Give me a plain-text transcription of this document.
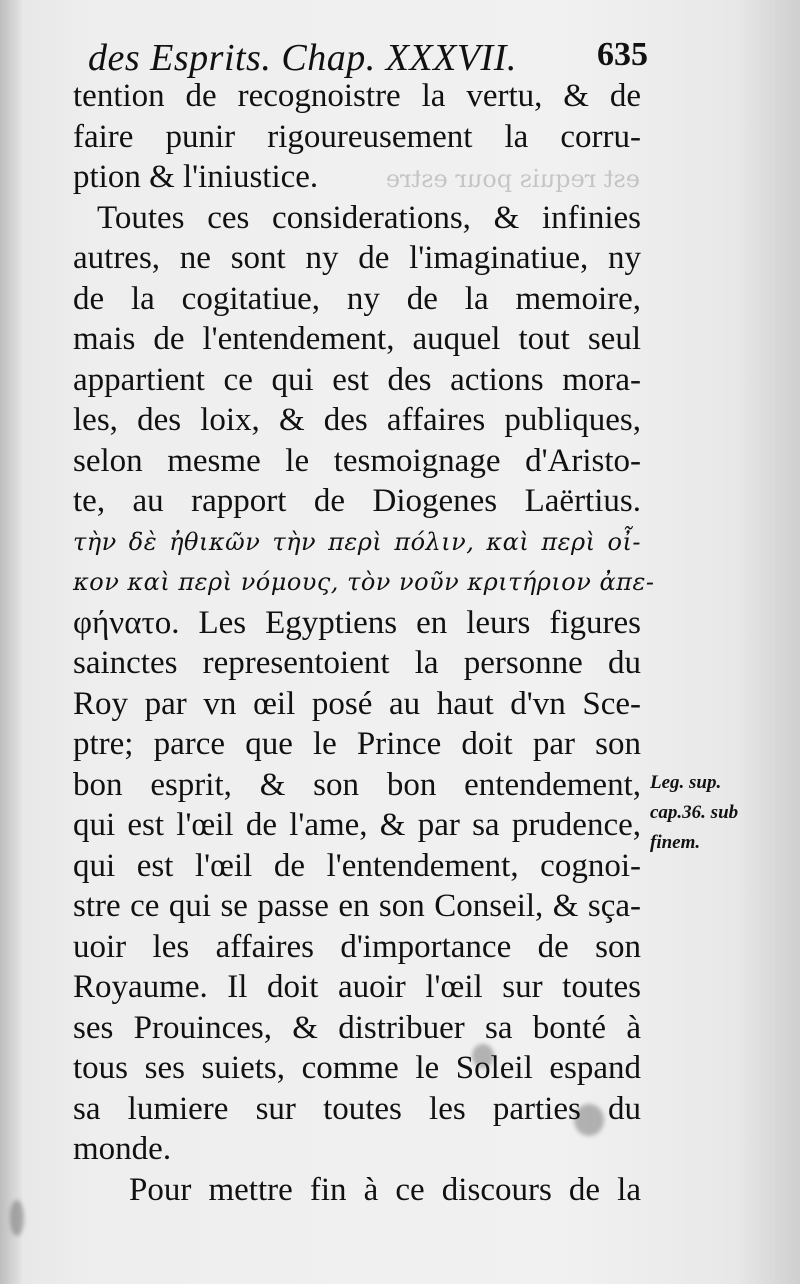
est requis pour estre
des Esprits. Chap. XXXVII. 635
tention de recognoistre la vertu, & de
faire punir rigoureusement la corru-
ption & l'iniustice.
Toutes ces considerations, & infinies
autres, ne sont ny de l'imaginatiue, ny
de la cogitatiue, ny de la memoire,
mais de l'entendement, auquel tout seul
appartient ce qui est des actions mora-
les, des loix, & des affaires publiques,
selon mesme le tesmoignage d'Aristo-
te, au rapport de Diogenes Laërtius.
τὴν δὲ ἠθικῶν τὴν περὶ πόλιν, καὶ περὶ οἶ-
κον καὶ περὶ νόμους, τὸν νοῦν κριτήριον ἀπε-
φήνατο. Les Egyptiens en leurs figures
sainctes representoient la personne du
Roy par vn œil posé au haut d'vn Sce-
ptre; parce que le Prince doit par son
bon esprit, & son bon entendement,
qui est l'œil de l'ame, & par sa prudence,
qui est l'œil de l'entendement, cognoi-
stre ce qui se passe en son Conseil, & sça-
uoir les affaires d'importance de son
Royaume. Il doit auoir l'œil sur toutes
ses Prouinces, & distribuer sa bonté à
tous ses suiets, comme le Soleil espand
sa lumiere sur toutes les parties du
monde.
Pour mettre fin à ce discours de la
Leg. sup.
cap.36. sub
finem.
